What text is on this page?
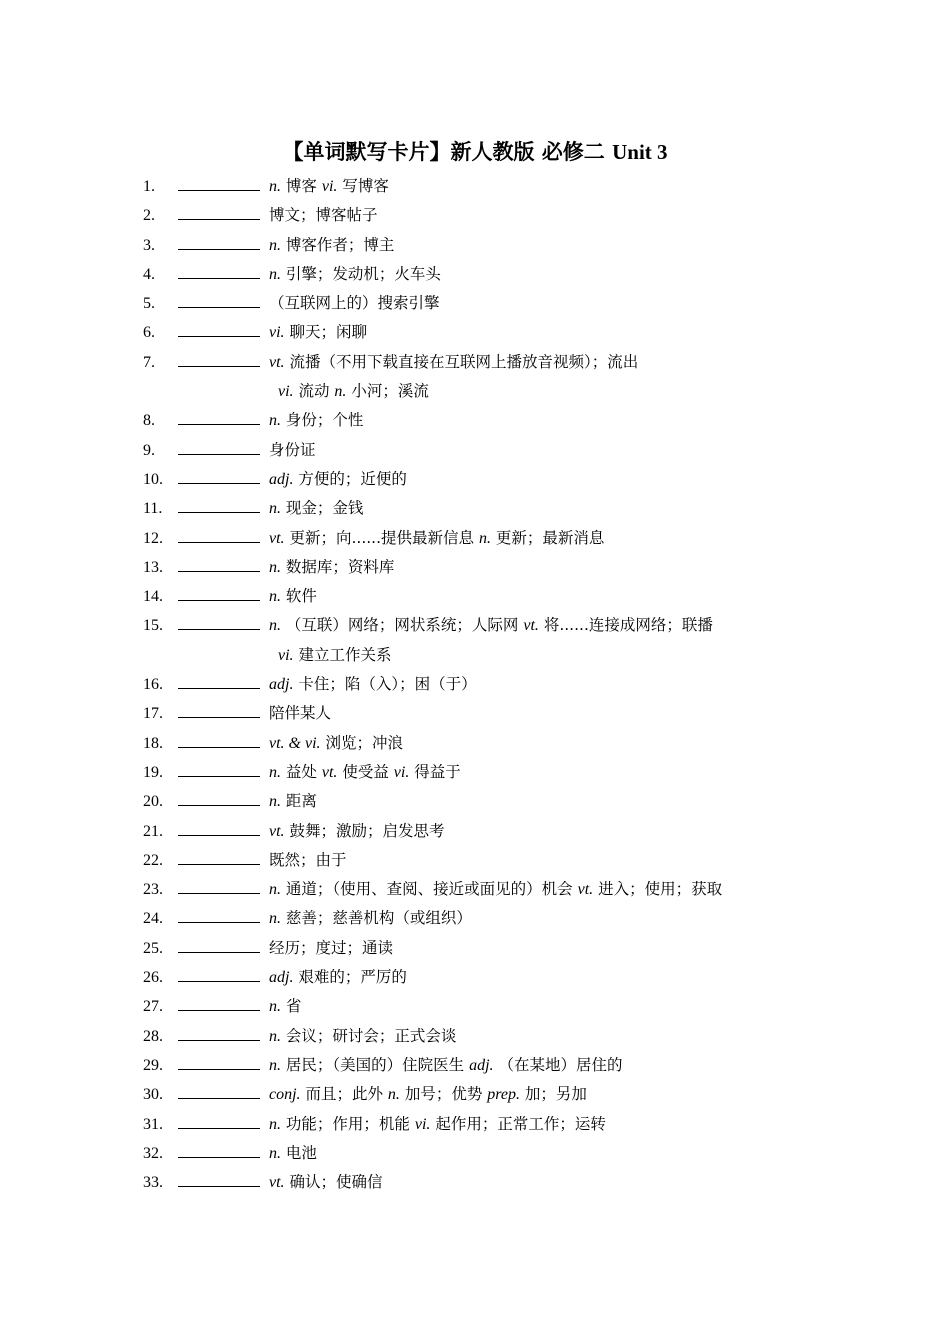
【单词默写卡片】新人教版 必修二 Unit 3
1.	n. 博客 vi. 写博客
2.	博文；博客帖子
3.	n. 博客作者；博主
4.	n. 引擎；发动机；火车头
5.	（互联网上的）搜索引擎
6.	vi. 聊天；闲聊
7.	vt. 流播（不用下载直接在互联网上播放音视频）；流出
vi. 流动 n. 小河；溪流
8.	n. 身份；个性
9.	身份证
10.	adj. 方便的；近便的
11.	n. 现金；金钱
12.	vt. 更新；向......提供最新信息 n. 更新；最新消息
13.	n. 数据库；资料库
14.	n. 软件
15.	n. （互联）网络；网状系统；人际网 vt. 将......连接成网络；联播
vi. 建立工作关系
16.	adj. 卡住；陷（入）；困（于）
17.	陪伴某人
18.	vt. & vi. 浏览；冲浪
19.	n. 益处 vt. 使受益 vi. 得益于
20.	n. 距离
21.	vt. 鼓舞；激励；启发思考
22.	既然；由于
23.	n. 通道；（使用、查阅、接近或面见的）机会 vt. 进入；使用；获取
24.	n. 慈善；慈善机构（或组织）
25.	经历；度过；通读
26.	adj. 艰难的；严厉的
27.	n. 省
28.	n. 会议；研讨会；正式会谈
29.	n. 居民；（美国的）住院医生 adj. （在某地）居住的
30.	conj. 而且；此外 n. 加号；优势 prep. 加；另加
31.	n. 功能；作用；机能 vi. 起作用；正常工作；运转
32.	n. 电池
33.	vt. 确认；使确信
